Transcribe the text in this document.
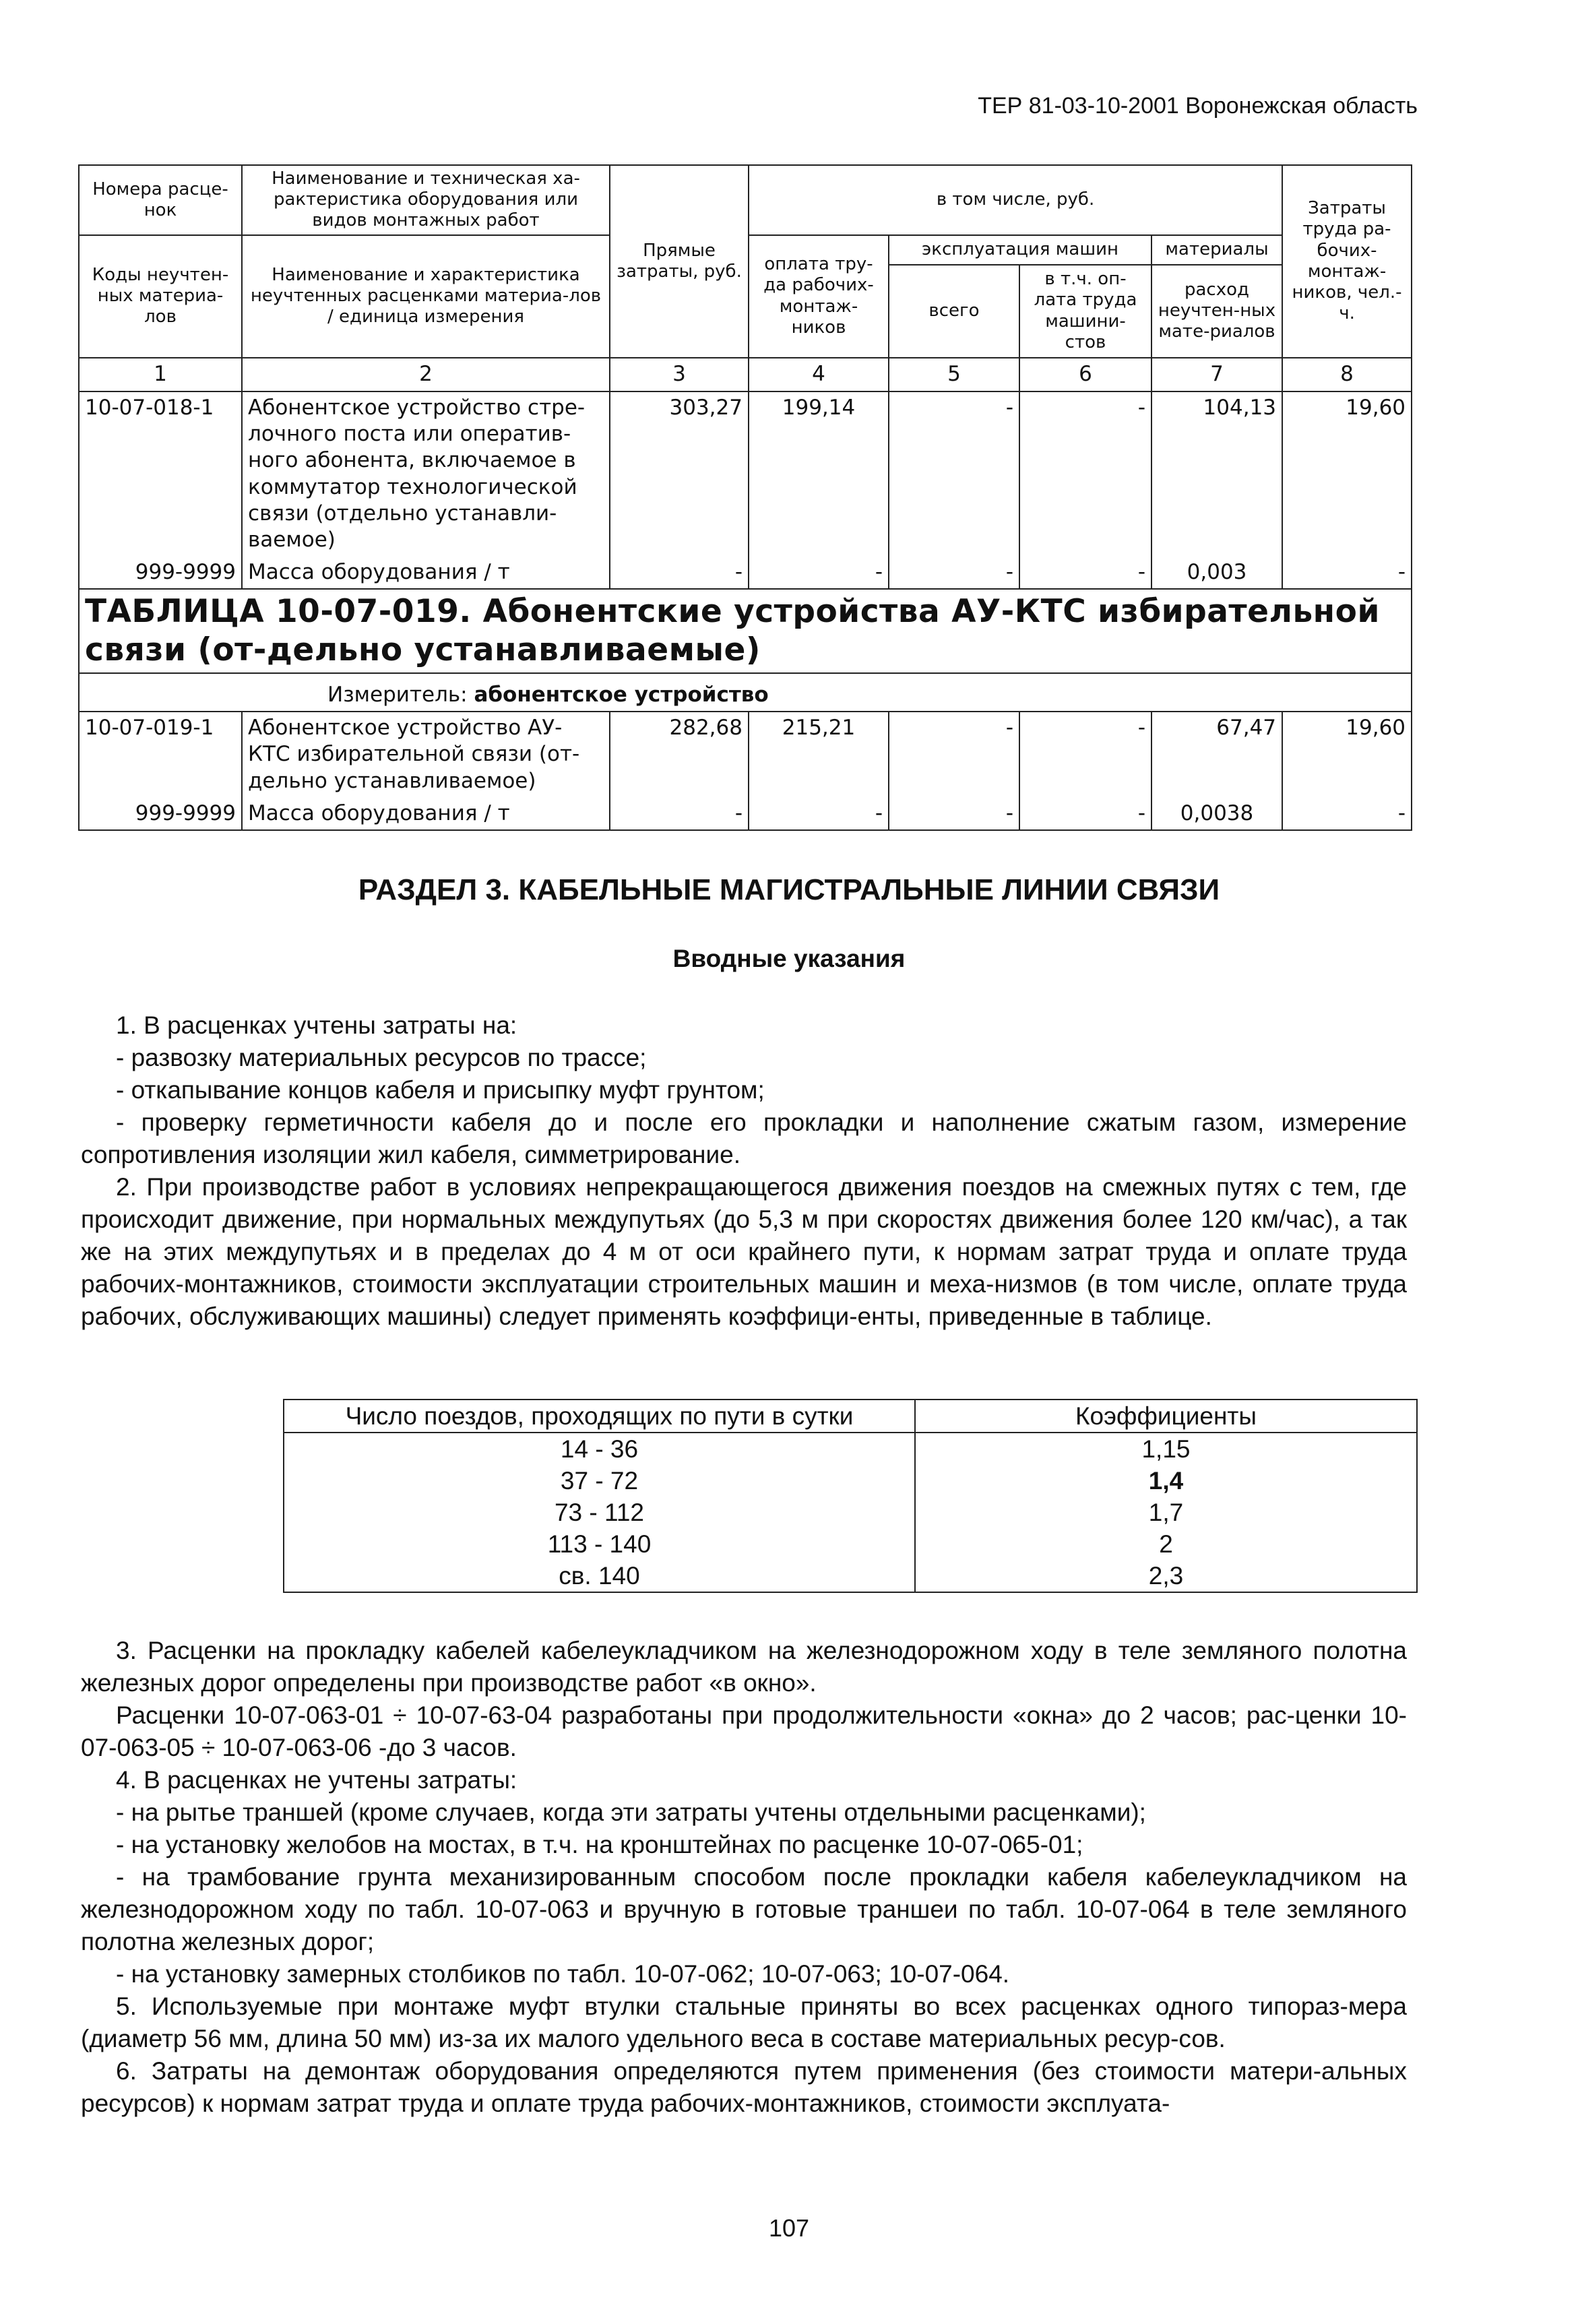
ТЕР 81-03-10-2001 Воронежская область
Номера расце-нок	Наименование и техническая ха-рактеристика оборудования или видов монтажных работ	Прямые затраты, руб.	в том числе, руб.				Затраты труда ра-бочих-монтаж-ников, чел.-ч.
Коды неучтен-ных материа-лов	Наименование и характеристика неучтенных расценками материа-лов / единица измерения		оплата тру-да рабочих-монтаж-ников	эксплуатация машин		материалы	
				всего	в т.ч. оп-лата труда машини-стов	расход неучтен-ных мате-риалов	
1	2	3	4	5	6	7	8
10-07-018-1	Абонентское устройство стре-лочного поста или оператив-ного абонента, включаемое в коммутатор технологической связи (отдельно устанавли-ваемое)	303,27	199,14	-	-	104,13	19,60
999-9999	Масса оборудования / т	-	-	-	-	0,003	-
ТАБЛИЦА 10-07-019. Абонентские устройства АУ-КТС избирательной связи (от-дельно устанавливаемые)							
Измеритель: абонентское устройство							
10-07-019-1	Абонентское устройство АУ-КТС избирательной связи (от-дельно устанавливаемое)	282,68	215,21	-	-	67,47	19,60
999-9999	Масса оборудования / т	-	-	-	-	0,0038	-
РАЗДЕЛ 3. КАБЕЛЬНЫЕ МАГИСТРАЛЬНЫЕ ЛИНИИ СВЯЗИ
Вводные указания

1. В расценках учтены затраты на:

- развозку материальных ресурсов по трассе;

- откапывание концов кабеля и присыпку муфт грунтом;

- проверку герметичности кабеля до и после его прокладки и наполнение сжатым газом, измерение сопротивления изоляции жил кабеля, симметрирование.

2. При производстве работ в условиях непрекращающегося движения поездов на смежных путях с тем, где происходит движение, при нормальных междупутьях (до 5,3 м при скоростях движения более 120 км/час), а так же на этих междупутьях и в пределах до 4 м от оси крайнего пути, к нормам затрат труда и оплате труда рабочих-монтажников, стоимости эксплуатации строительных машин и меха-низмов (в том числе, оплате труда рабочих, обслуживающих машины) следует применять коэффици-енты, приведенные в таблице.

Число поездов, проходящих по пути в сутки	Коэффициенты
14 - 36	1,15
37 - 72	1,4
73 - 112	1,7
113 - 140	2
св. 140	2,3

3. Расценки на прокладку кабелей кабелеукладчиком на железнодорожном ходу в теле земляного полотна железных дорог определены при производстве работ «в окно».

Расценки 10-07-063-01 ÷ 10-07-63-04 разработаны при продолжительности «окна» до 2 часов; рас-ценки 10-07-063-05 ÷ 10-07-063-06 -до 3 часов.

4. В расценках не учтены затраты:

- на рытье траншей (кроме случаев, когда эти затраты учтены отдельными расценками);

- на установку желобов на мостах, в т.ч. на кронштейнах по расценке 10-07-065-01;

- на трамбование грунта механизированным способом после прокладки кабеля кабелеукладчиком на железнодорожном ходу по табл. 10-07-063 и вручную в готовые траншеи по табл. 10-07-064 в теле земляного полотна железных дорог;

- на установку замерных столбиков по табл. 10-07-062; 10-07-063; 10-07-064.

5. Используемые при монтаже муфт втулки стальные приняты во всех расценках одного типораз-мера (диаметр 56 мм, длина 50 мм) из-за их малого удельного веса в составе материальных ресур-сов.

6. Затраты на демонтаж оборудования определяются путем применения (без стоимости матери-альных ресурсов) к нормам затрат труда и оплате труда рабочих-монтажников, стоимости эксплуата-

107
